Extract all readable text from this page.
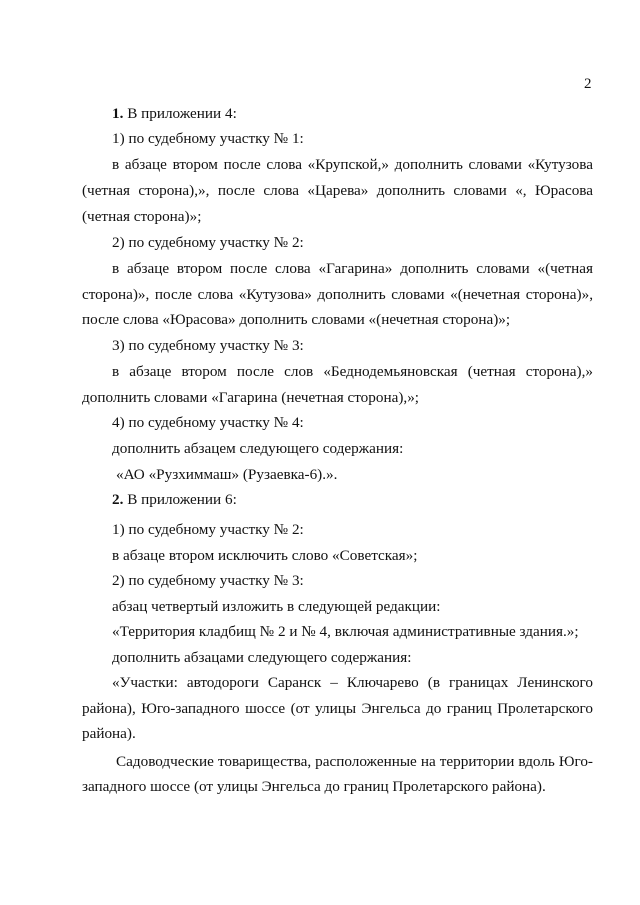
2

1. В приложении 4:

1) по судебному участку № 1:

в абзаце втором после слова «Крупской,» дополнить словами «Кутузова

(четная сторона),», после слова «Царева» дополнить словами «, Юрасова

(четная сторона)»;

2) по судебному участку № 2:

в абзаце втором после слова «Гагарина» дополнить словами «(четная

сторона)», после слова «Кутузова» дополнить словами «(нечетная сторона)»,

после слова «Юрасова» дополнить словами «(нечетная сторона)»;

3) по судебному участку № 3:

в абзаце втором после слов «Беднодемьяновская (четная сторона),»

дополнить словами «Гагарина (нечетная сторона),»;

4) по судебному участку № 4:

дополнить абзацем следующего содержания:

«АО «Рузхиммаш» (Рузаевка-6).».

2. В приложении 6:

1) по судебному участку № 2:

в абзаце втором исключить слово «Советская»;

2) по судебному участку № 3:

абзац четвертый изложить в следующей редакции:

«Территория кладбищ № 2 и № 4, включая административные здания.»;

дополнить абзацами следующего содержания:

«Участки: автодороги Саранск – Ключарево (в границах Ленинского

района), Юго-западного шоссе (от улицы Энгельса до границ Пролетарского

района).

Садоводческие товарищества, расположенные на территории вдоль Юго-

западного шоссе (от улицы Энгельса до границ Пролетарского района).
